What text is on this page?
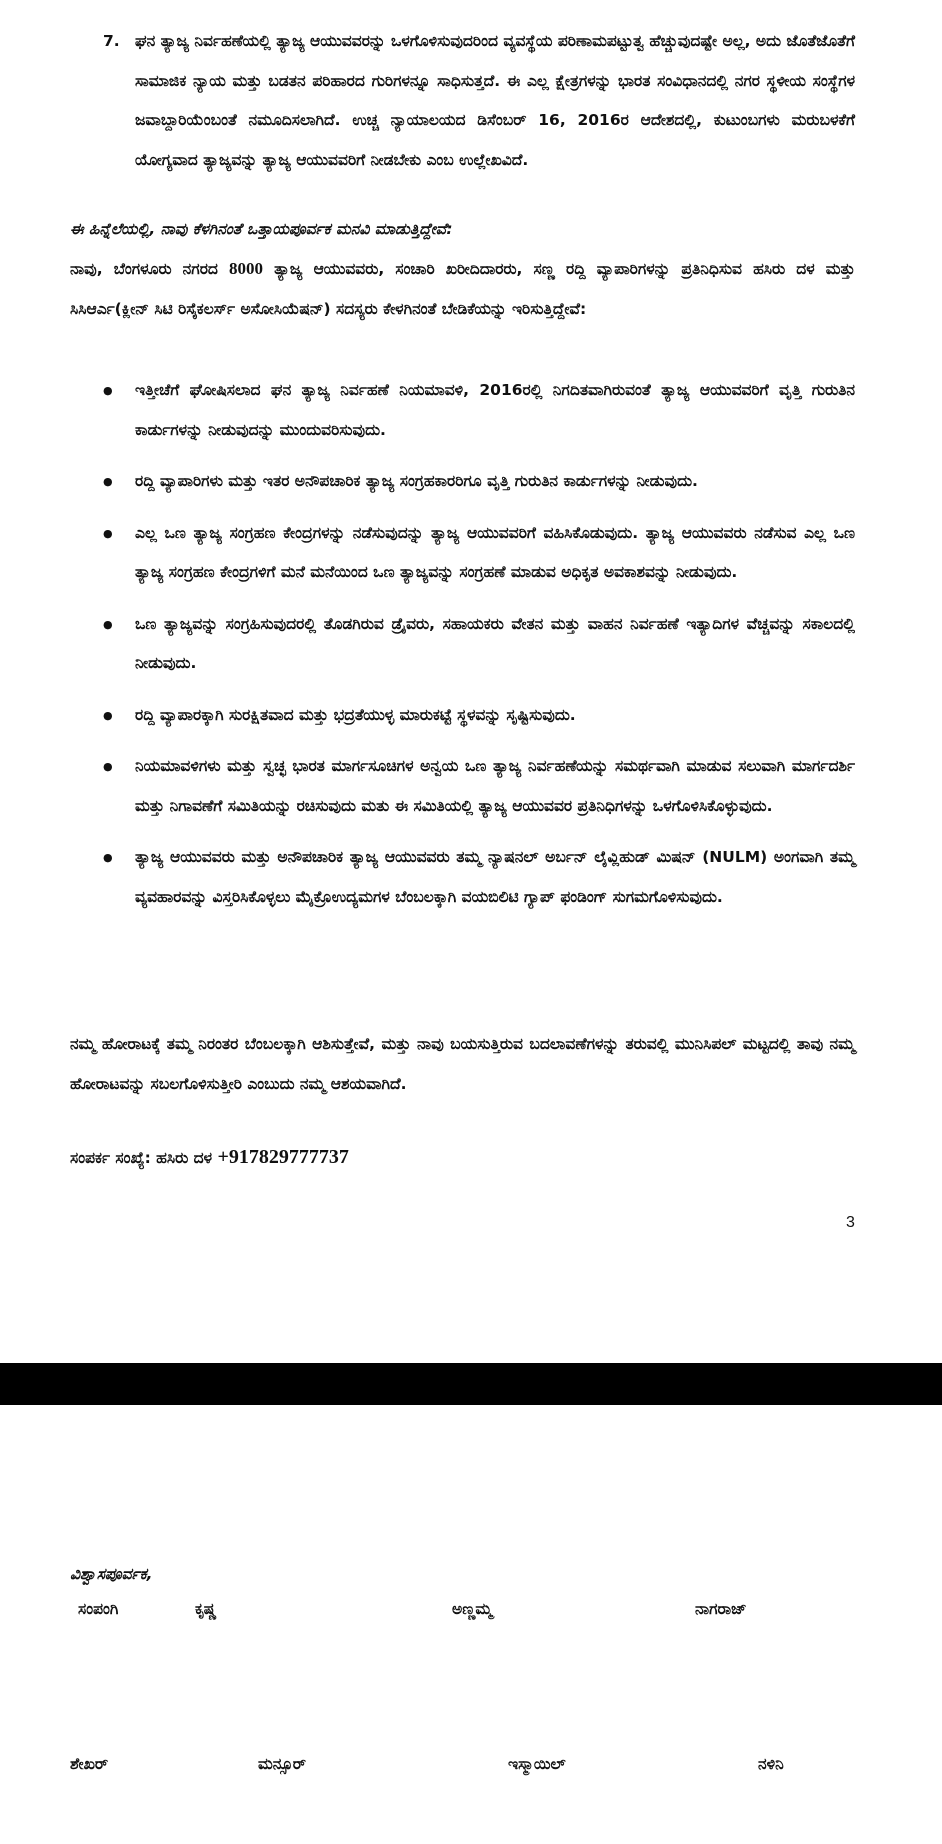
7. ಘನ ತ್ಯಾಜ್ಯ ನಿರ್ವಹಣೆಯಲ್ಲಿ ತ್ಯಾಜ್ಯ ಆಯುವವರನ್ನು ಒಳಗೊಳಿಸುವುದರಿಂದ ವ್ಯವಸ್ಥೆಯ ಪರಿಣಾಮಪಟ್ಟುತ್ವ ಹೆಚ್ಚುವುದಷ್ಟೇ ಅಲ್ಲ, ಅದು ಜೊತೆಜೊತೆಗೆ ಸಾಮಾಜಿಕ ನ್ಯಾಯ ಮತ್ತು ಬಡತನ ಪರಿಹಾರದ ಗುರಿಗಳನ್ನೂ ಸಾಧಿಸುತ್ತದೆ. ಈ ಎಲ್ಲ ಕ್ಷೇತ್ರಗಳನ್ನು ಭಾರತ ಸಂವಿಧಾನದಲ್ಲಿ ನಗರ ಸ್ಥಳೀಯ ಸಂಸ್ಥೆಗಳ ಜವಾಬ್ದಾರಿಯೆಂಬಂತೆ ನಮೂದಿಸಲಾಗಿದೆ. ಉಚ್ಚ ನ್ಯಾಯಾಲಯದ ಡಿಸೆಂಬರ್ 16, 2016ರ ಆದೇಶದಲ್ಲಿ, ಕುಟುಂಬಗಳು ಮರುಬಳಕೆಗೆ ಯೋಗ್ಯವಾದ ತ್ಯಾಜ್ಯವನ್ನು ತ್ಯಾಜ್ಯ ಆಯುವವರಿಗೆ ನೀಡಬೇಕು ಎಂಬ ಉಲ್ಲೇಖವಿದೆ.
ಈ ಹಿನ್ನೆಲೆಯಲ್ಲಿ, ನಾವು ಕೆಳಗಿನಂತೆ ಒತ್ತಾಯಪೂರ್ವಕ ಮನವಿ ಮಾಡುತ್ತಿದ್ದೇವೆ:
ನಾವು, ಬೆಂಗಳೂರು ನಗರದ 8000 ತ್ಯಾಜ್ಯ ಆಯುವವರು, ಸಂಚಾರಿ ಖರೀದಿದಾರರು, ಸಣ್ಣ ರದ್ದಿ ವ್ಯಾಪಾರಿಗಳನ್ನು ಪ್ರತಿನಿಧಿಸುವ ಹಸಿರು ದಳ ಮತ್ತು ಸಿಸಿಆರ್ಎ(ಕ್ಲೀನ್ ಸಿಟಿ ರಿಸೈಕಲರ್ಸ್ ಅಸೋಸಿಯೆಷನ್) ಸದಸ್ಯರು ಕೇಳಗಿನಂತೆ ಬೇಡಿಕೆಯನ್ನು ಇರಿಸುತ್ತಿದ್ದೇವೆ:
● ಇತ್ತೀಚೆಗೆ ಘೋಷಿಸಲಾದ ಘನ ತ್ಯಾಜ್ಯ ನಿರ್ವಹಣೆ ನಿಯಮಾವಳಿ, 2016ರಲ್ಲಿ ನಿಗದಿತವಾಗಿರುವಂತೆ ತ್ಯಾಜ್ಯ ಆಯುವವರಿಗೆ ವೃತ್ತಿ ಗುರುತಿನ ಕಾರ್ಡುಗಳನ್ನು ನೀಡುವುದನ್ನು ಮುಂದುವರಿಸುವುದು.
● ರದ್ದಿ ವ್ಯಾಪಾರಿಗಳು ಮತ್ತು ಇತರ ಅನೌಪಚಾರಿಕ ತ್ಯಾಜ್ಯ ಸಂಗ್ರಹಕಾರರಿಗೂ ವೃತ್ತಿ ಗುರುತಿನ ಕಾರ್ಡುಗಳನ್ನು ನೀಡುವುದು.
● ಎಲ್ಲ ಒಣ ತ್ಯಾಜ್ಯ ಸಂಗ್ರಹಣ ಕೇಂದ್ರಗಳನ್ನು ನಡೆಸುವುದನ್ನು ತ್ಯಾಜ್ಯ ಆಯುವವರಿಗೆ ವಹಿಸಿಕೊಡುವುದು. ತ್ಯಾಜ್ಯ ಆಯುವವರು ನಡೆಸುವ ಎಲ್ಲ ಒಣ ತ್ಯಾಜ್ಯ ಸಂಗ್ರಹಣ ಕೇಂದ್ರಗಳಿಗೆ ಮನೆ ಮನೆಯಿಂದ ಒಣ ತ್ಯಾಜ್ಯವನ್ನು ಸಂಗ್ರಹಣೆ ಮಾಡುವ ಅಧಿಕೃತ ಅವಕಾಶವನ್ನು ನೀಡುವುದು.
● ಒಣ ತ್ಯಾಜ್ಯವನ್ನು ಸಂಗ್ರಹಿಸುವುದರಲ್ಲಿ ತೊಡಗಿರುವ ಡ್ರೈವರು, ಸಹಾಯಕರು ವೇತನ ಮತ್ತು ವಾಹನ ನಿರ್ವಹಣೆ ಇತ್ಯಾದಿಗಳ ವೆಚ್ಚವನ್ನು ಸಕಾಲದಲ್ಲಿ ನೀಡುವುದು.
● ರದ್ದಿ ವ್ಯಾಪಾರಕ್ಕಾಗಿ ಸುರಕ್ಷಿತವಾದ ಮತ್ತು ಭದ್ರತೆಯುಳ್ಳ ಮಾರುಕಟ್ಟೆ ಸ್ಥಳವನ್ನು ಸೃಷ್ಟಿಸುವುದು.
● ನಿಯಮಾವಳಿಗಳು ಮತ್ತು ಸ್ವಚ್ಛ ಭಾರತ ಮಾರ್ಗಸೂಚಿಗಳ ಅನ್ವಯ ಒಣ ತ್ಯಾಜ್ಯ ನಿರ್ವಹಣೆಯನ್ನು ಸಮರ್ಥವಾಗಿ ಮಾಡುವ ಸಲುವಾಗಿ ಮಾರ್ಗದರ್ಶಿ ಮತ್ತು ನಿಗಾವಣೆಗೆ ಸಮಿತಿಯನ್ನು ರಚಿಸುವುದು ಮತು ಈ ಸಮಿತಿಯಲ್ಲಿ ತ್ಯಾಜ್ಯ ಆಯುವವರ ಪ್ರತಿನಿಧಿಗಳನ್ನು ಒಳಗೊಳಿಸಿಕೊಳ್ಳುವುದು.
● ತ್ಯಾಜ್ಯ ಆಯುವವರು ಮತ್ತು ಅನೌಪಚಾರಿಕ ತ್ಯಾಜ್ಯ ಆಯುವವರು ತಮ್ಮ ನ್ಯಾಷನಲ್ ಅರ್ಬನ್ ಲೈವ್ಲಿಹುಡ್ ಮಿಷನ್ (NULM) ಅಂಗವಾಗಿ ತಮ್ಮ ವ್ಯವಹಾರವನ್ನು ವಿಸ್ತರಿಸಿಕೊಳ್ಳಲು ಮೈಕ್ರೊಉದ್ಯಮಗಳ ಬೆಂಬಲಕ್ಕಾಗಿ ವಯಬಿಲಿಟಿ ಗ್ಯಾಪ್ ಫಂಡಿಂಗ್ ಸುಗಮಗೊಳಿಸುವುದು.
ನಮ್ಮ ಹೋರಾಟಕ್ಕೆ ತಮ್ಮ ನಿರಂತರ ಬೆಂಬಲಕ್ಕಾಗಿ ಆಶಿಸುತ್ತೇವೆ, ಮತ್ತು ನಾವು ಬಯಸುತ್ತಿರುವ ಬದಲಾವಣೆಗಳನ್ನು ತರುವಲ್ಲಿ ಮುನಿಸಿಪಲ್ ಮಟ್ಟದಲ್ಲಿ ತಾವು ನಮ್ಮ ಹೋರಾಟವನ್ನು ಸಬಲಗೊಳಿಸುತ್ತೀರಿ ಎಂಬುದು ನಮ್ಮ ಆಶಯವಾಗಿದೆ.
ಸಂಪರ್ಕ ಸಂಖ್ಯೆ: ಹಸಿರು ದಳ +917829777737
3
ವಿಶ್ವಾಸಪೂರ್ವಕ,
ಸಂಪಂಗಿ	ಕೃಷ್ಣ	ಅಣ್ಣಮ್ಮ	ನಾಗರಾಜ್
ಶೇಖರ್	ಮನ್ಸೂರ್	ಇಸ್ಮಾಯಿಲ್	ನಳಿನಿ
